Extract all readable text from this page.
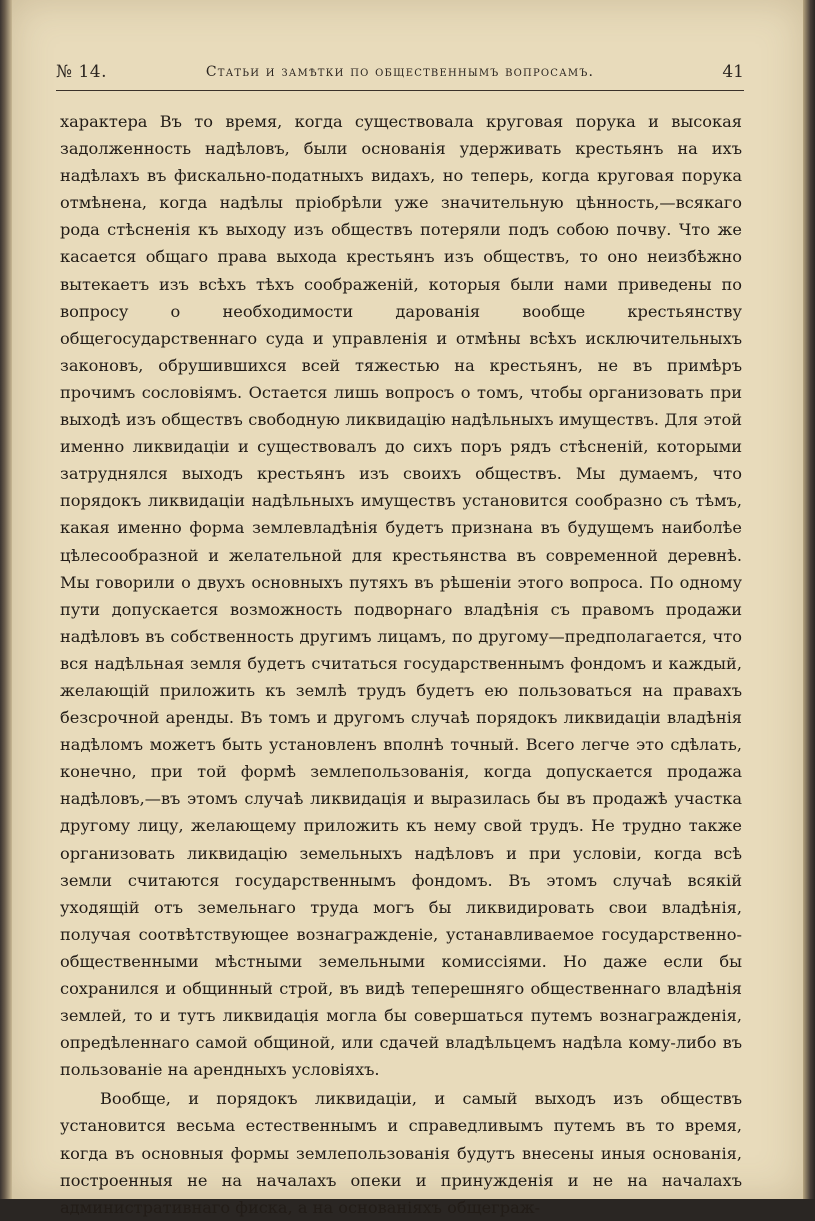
№ 14.	Статьи и замѣтки по общественнымъ вопросамъ.	41

характера Въ то время, когда существовала круговая порука и высокая задолженность надѣловъ, были основанія удерживать крестьянъ на ихъ надѣлахъ въ фискально-податныхъ видахъ, но теперь, когда круговая порука отмѣнена, когда надѣлы пріобрѣли уже значительную цѣнность,—всякаго рода стѣсненія къ выходу изъ обществъ потеряли подъ собою почву. Что же касается общаго права выхода крестьянъ изъ обществъ, то оно неизбѣжно вытекаетъ изъ всѣхъ тѣхъ соображеній, которыя были нами приведены по вопросу о необходимости дарованія вообще крестьянству общегосударственнаго суда и управленія и отмѣны всѣхъ исключительныхъ законовъ, обрушившихся всей тяжестью на крестьянъ, не въ примѣръ прочимъ сословіямъ. Остается лишь вопросъ о томъ, чтобы организовать при выходѣ изъ обществъ свободную ликвидацію надѣльныхъ имуществъ. Для этой именно ликвидаціи и существовалъ до сихъ поръ рядъ стѣсненій, которыми затруднялся выходъ крестьянъ изъ своихъ обществъ. Мы думаемъ, что порядокъ ликвидаціи надѣльныхъ имуществъ установится сообразно съ тѣмъ, какая именно форма землевладѣнія будетъ признана въ будущемъ наиболѣе цѣлесообразной и желательной для крестьянства въ современной деревнѣ. Мы говорили о двухъ основныхъ путяхъ въ рѣшеніи этого вопроса. По одному пути допускается возможность подворнаго владѣнія съ правомъ продажи надѣловъ въ собственность другимъ лицамъ, по другому—предполагается, что вся надѣльная земля будетъ считаться государственнымъ фондомъ и каждый, желающій приложить къ землѣ трудъ будетъ ею пользоваться на правахъ безсрочной аренды. Въ томъ и другомъ случаѣ порядокъ ликвидаціи владѣнія надѣломъ можетъ быть установленъ вполнѣ точный. Всего легче это сдѣлать, конечно, при той формѣ землепользованія, когда допускается продажа надѣловъ,—въ этомъ случаѣ ликвидація и выразилась бы въ продажѣ участка другому лицу, желающему приложить къ нему свой трудъ. Не трудно также организовать ликвидацію земельныхъ надѣловъ и при условіи, когда всѣ земли считаются государственнымъ фондомъ. Въ этомъ случаѣ всякій уходящій отъ земельнаго труда могъ бы ликвидировать свои владѣнія, получая соотвѣтствующее вознагражденіе, устанавливаемое государственно-общественными мѣстными земельными комиссіями. Но даже если бы сохранился и общинный строй, въ видѣ теперешняго общественнаго владѣнія землей, то и тутъ ликвидація могла бы совершаться путемъ вознагражденія, опредѣленнаго самой общиной, или сдачей владѣльцемъ надѣла кому-либо въ пользованіе на арендныхъ условіяхъ.

Вообще, и порядокъ ликвидаціи, и самый выходъ изъ обществъ установится весьма естественнымъ и справедливымъ путемъ въ то время, когда въ основныя формы землепользованія будутъ внесены иныя основанія, построенныя не на началахъ опеки и принужденія и не на началахъ административнаго фиска, а на основаніяхъ общеграж-
